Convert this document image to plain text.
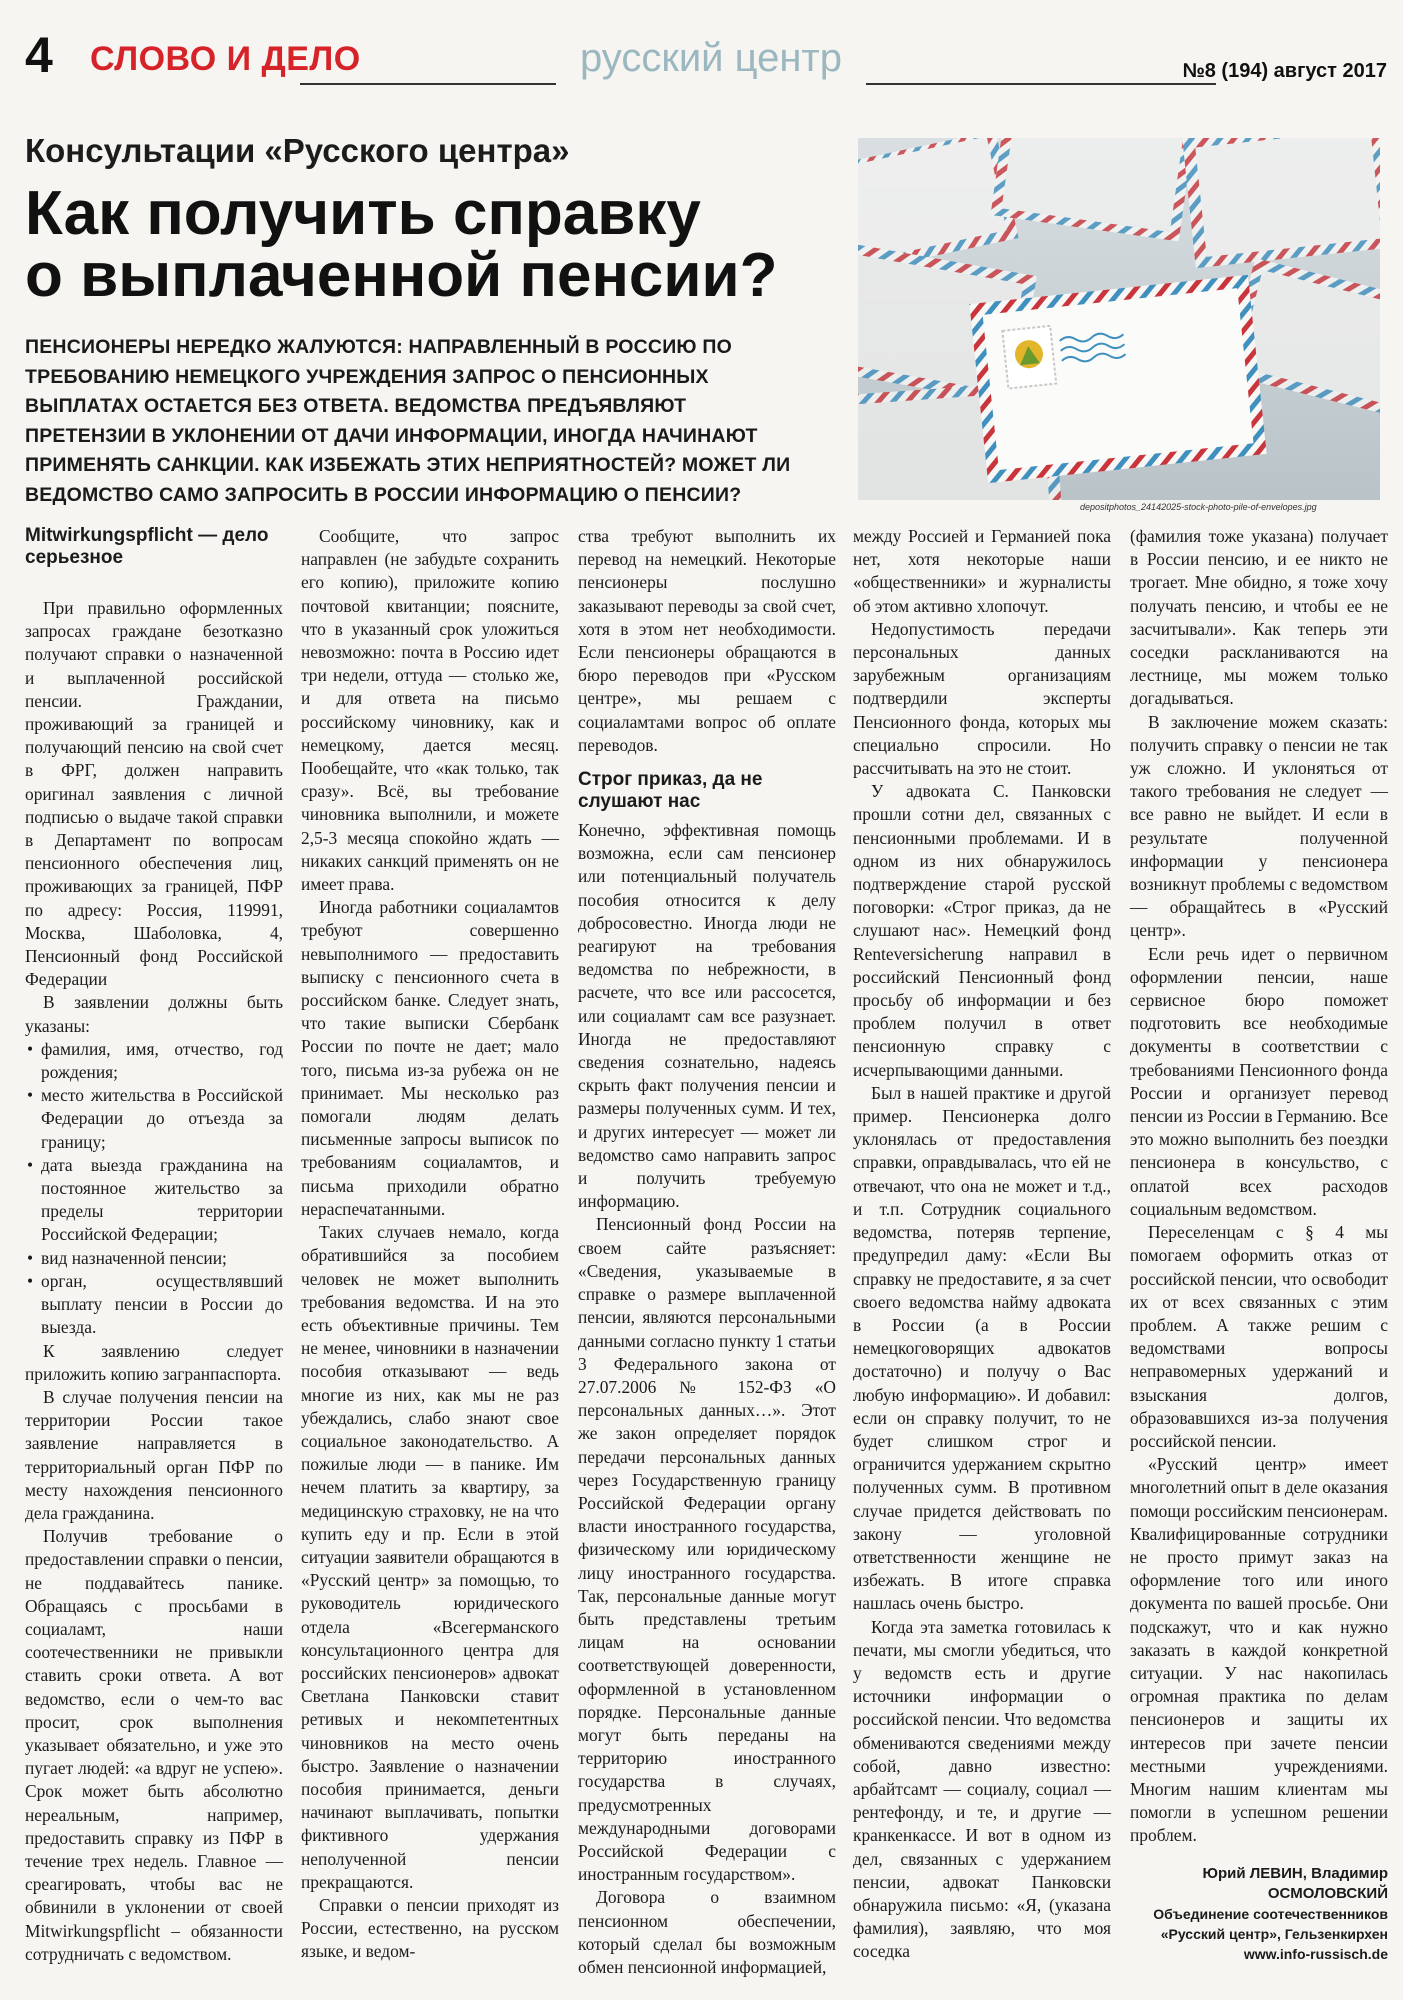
4 СЛОВО И ДЕЛО	русский центр	№8 (194) август 2017
Консультации «Русского центра»
Как получить справку
о выплаченной пенсии?
ПЕНСИОНЕРЫ НЕРЕДКО ЖАЛУЮТСЯ: НАПРАВЛЕННЫЙ В РОССИЮ ПО ТРЕБОВАНИЮ НЕМЕЦКОГО УЧРЕЖДЕНИЯ ЗАПРОС О ПЕНСИОННЫХ ВЫПЛАТАХ ОСТАЕТСЯ БЕЗ ОТВЕТА. ВЕДОМСТВА ПРЕДЪЯВЛЯЮТ ПРЕТЕНЗИИ В УКЛОНЕНИИ ОТ ДАЧИ ИНФОРМАЦИИ, ИНОГДА НАЧИНАЮТ ПРИМЕНЯТЬ САНКЦИИ. КАК ИЗБЕЖАТЬ ЭТИХ НЕПРИЯТНОСТЕЙ? МОЖЕТ ЛИ ВЕДОМСТВО САМО ЗАПРОСИТЬ В РОССИИ ИНФОРМАЦИЮ О ПЕНСИИ?
depositphotos_24142025-stock-photo-pile-of-envelopes.jpg
Mitwirkungspflicht — дело серьезное

При правильно оформленных запросах граждане безотказно получают справки о назначенной и выплаченной российской пенсии. Граждании, проживающий за границей и получающий пенсию на свой счет в ФРГ, должен направить оригинал заявления с личной подписью о выдаче такой справки в Департамент по вопросам пенсионного обеспечения лиц, проживающих за границей, ПФР по адресу: Россия, 119991, Москва, Шаболовка, 4, Пенсионный фонд Российской Федерации

В заявлении должны быть указаны:

• фамилия, имя, отчество, год рождения;
• место жительства в Российской Федерации до отъезда за границу;
• дата выезда гражданина на постоянное жительство за пределы территории Российской Федерации;
• вид назначенной пенсии;
• орган, осуществлявший выплату пенсии в России до выезда.

К заявлению следует приложить копию загранпаспорта.

В случае получения пенсии на территории России такое заявление направляется в территориальный орган ПФР по месту нахождения пенсионного дела гражданина.

Получив требование о предоставлении справки о пенсии, не поддавайтесь панике. Обращаясь с просьбами в социаламт, наши соотечественники не привыкли ставить сроки ответа. А вот ведомство, если о чем-то вас просит, срок выполнения указывает обязательно, и уже это пугает людей: «а вдруг не успею». Срок может быть абсолютно нереальным, например, предоставить справку из ПФР в течение трех недель. Главное — среагировать, чтобы вас не обвинили в уклонении от своей Mitwirkungspflicht – обязанности сотрудничать с ведомством.

Сообщите, что запрос направлен (не забудьте сохранить его копию), приложите копию почтовой квитанции; поясните, что в указанный срок уложиться невозможно: почта в Россию идет три недели, оттуда — столько же, и для ответа на письмо российскому чиновнику, как и немецкому, дается месяц. Пообещайте, что «как только, так сразу». Всё, вы требование чиновника выполнили, и можете 2,5-3 месяца спокойно ждать — никаких санкций применять он не имеет права.

Иногда работники социаламтов требуют совершенно невыполнимого — предоставить выписку с пенсионного счета в российском банке. Следует знать, что такие выписки Сбербанк России по почте не дает; мало того, письма из-за рубежа он не принимает. Мы несколько раз помогали людям делать письменные запросы выписок по требованиям социаламтов, и письма приходили обратно нераспечатанными.

Таких случаев немало, когда обратившийся за пособием человек не может выполнить требования ведомства. И на это есть объективные причины. Тем не менее, чиновники в назначении пособия отказывают — ведь многие из них, как мы не раз убеждались, слабо знают свое социальное законодательство. А пожилые люди — в панике. Им нечем платить за квартиру, за медицинскую страховку, не на что купить еду и пр. Если в этой ситуации заявители обращаются в «Русский центр» за помощью, то руководитель юридического отдела «Всегерманского консультационного центра для российских пенсионеров» адвокат Светлана Панковски ставит ретивых и некомпетентных чиновников на место очень быстро. Заявление о назначении пособия принимается, деньги начинают выплачивать, попытки фиктивного удержания неполученной пенсии прекращаются.

Справки о пенсии приходят из России, естественно, на русском языке, и ведом-

ства требуют выполнить их перевод на немецкий. Некоторые пенсионеры послушно заказывают переводы за свой счет, хотя в этом нет необходимости. Если пенсионеры обращаются в бюро переводов при «Русском центре», мы решаем с социаламтами вопрос об оплате переводов.

Строг приказ, да не слушают нас

Конечно, эффективная помощь возможна, если сам пенсионер или потенциальный получатель пособия относится к делу добросовестно. Иногда люди не реагируют на требования ведомства по небрежности, в расчете, что все или рассосется, или социаламт сам все разузнает. Иногда не предоставляют сведения сознательно, надеясь скрыть факт получения пенсии и размеры полученных сумм. И тех, и других интересует — может ли ведомство само направить запрос и получить требуемую информацию.

Пенсионный фонд России на своем сайте разъясняет: «Сведения, указываемые в справке о размере выплаченной пенсии, являются персональными данными согласно пункту 1 статьи 3 Федерального закона от 27.07.2006 № 152-ФЗ «О персональных данных…». Этот же закон определяет порядок передачи персональных данных через Государственную границу Российской Федерации органу власти иностранного государства, физическому или юридическому лицу иностранного государства. Так, персональные данные могут быть представлены третьим лицам на основании соответствующей доверенности, оформленной в установленном порядке. Персональные данные могут быть переданы на территорию иностранного государства в случаях, предусмотренных международными договорами Российской Федерации с иностранным государством».

Договора о взаимном пенсионном обеспечении, который сделал бы возможным обмен пенсионной информацией,

между Россией и Германией пока нет, хотя некоторые наши «общественники» и журналисты об этом активно хлопочут.

Недопустимость передачи персональных данных зарубежным организациям подтвердили эксперты Пенсионного фонда, которых мы специально спросили. Но рассчитывать на это не стоит.

У адвоката С. Панковски прошли сотни дел, связанных с пенсионными проблемами. И в одном из них обнаружилось подтверждение старой русской поговорки: «Строг приказ, да не слушают нас». Немецкий фонд Renteversicherung направил в российский Пенсионный фонд просьбу об информации и без проблем получил в ответ пенсионную справку с исчерпывающими данными.

Был в нашей практике и другой пример. Пенсионерка долго уклонялась от предоставления справки, оправдывалась, что ей не отвечают, что она не может и т.д., и т.п. Сотрудник социального ведомства, потеряв терпение, предупредил даму: «Если Вы справку не предоставите, я за счет своего ведомства найму адвоката в России (а в России немецкоговорящих адвокатов достаточно) и получу о Вас любую информацию». И добавил: если он справку получит, то не будет слишком строг и ограничится удержанием скрытно полученных сумм. В противном случае придется действовать по закону — уголовной ответственности женщине не избежать. В итоге справка нашлась очень быстро.

Когда эта заметка готовилась к печати, мы смогли убедиться, что у ведомств есть и другие источники информации о российской пенсии. Что ведомства обмениваются сведениями между собой, давно известно: арбайтсамт — социалу, социал — рентефонду, и те, и другие — кранкенкассе. И вот в одном из дел, связанных с удержанием пенсии, адвокат Панковски обнаружила письмо: «Я, (указана фамилия), заявляю, что моя соседка

(фамилия тоже указана) получает в России пенсию, и ее никто не трогает. Мне обидно, я тоже хочу получать пенсию, и чтобы ее не засчитывали». Как теперь эти соседки раскланиваются на лестнице, мы можем только догадываться.

В заключение можем сказать: получить справку о пенсии не так уж сложно. И уклоняться от такого требования не следует — все равно не выйдет. И если в результате полученной информации у пенсионера возникнут проблемы с ведомством — обращайтесь в «Русский центр».

Если речь идет о первичном оформлении пенсии, наше сервисное бюро поможет подготовить все необходимые документы в соответствии с требованиями Пенсионного фонда России и организует перевод пенсии из России в Германию. Все это можно выполнить без поездки пенсионера в консульство, с оплатой всех расходов социальным ведомством.

Переселенцам с § 4 мы помогаем оформить отказ от российской пенсии, что освободит их от всех связанных с этим проблем. А также решим с ведомствами вопросы неправомерных удержаний и взыскания долгов, образовавшихся из-за получения российской пенсии.

«Русский центр» имеет многолетний опыт в деле оказания помощи российским пенсионерам. Квалифицированные сотрудники не просто примут заказ на оформление того или иного документа по вашей просьбе. Они подскажут, что и как нужно заказать в каждой конкретной ситуации. У нас накопилась огромная практика по делам пенсионеров и защиты их интересов при зачете пенсии местными учреждениями. Многим нашим клиентам мы помогли в успешном решении проблем.

Юрий ЛЕВИН, Владимир
ОСМОЛОВСКИЙ
Объединение соотечественников
«Русский центр», Гельзенкирхен
www.info-russisch.de
